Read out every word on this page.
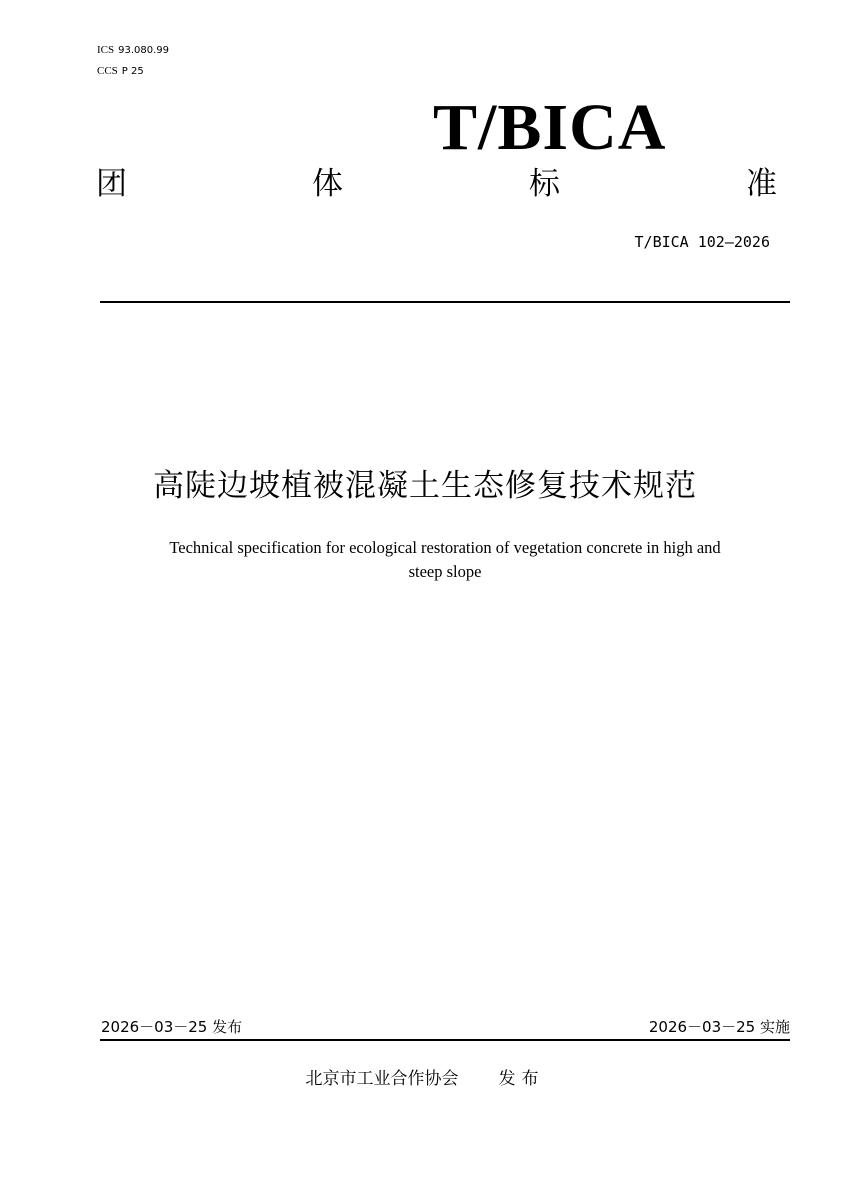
ICS 93.080.99
CCS P 25
T/BICA
团	体	标	准
T/BICA 102—2026
高陡边坡植被混凝土生态修复技术规范
Technical specification for ecological restoration of vegetation concrete in high and
steep slope
2026－03－25 发布	2026－03－25 实施
北京市工业合作协会 发布
